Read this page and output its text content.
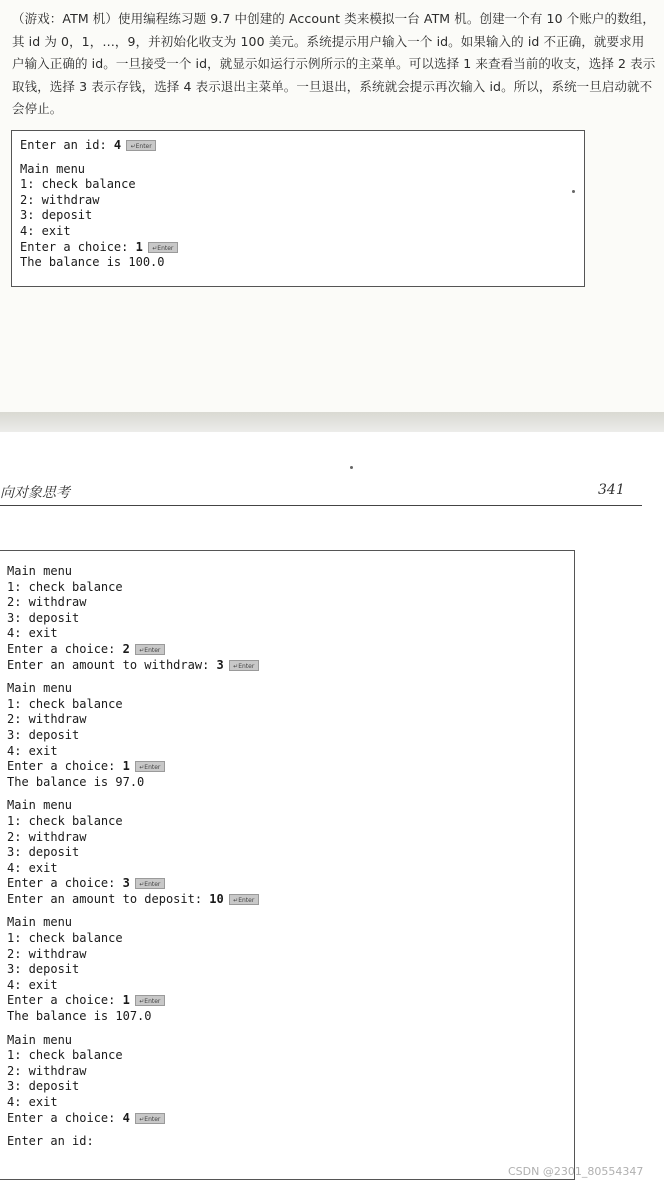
（游戏：ATM 机）使用编程练习题 9.7 中创建的 Account 类来模拟一台 ATM 机。创建一个有 10 个账户的数组，其 id 为 0，1，…，9，并初始化收支为 100 美元。系统提示用户输入一个 id。如果输入的 id 不正确，就要求用户输入正确的 id。一旦接受一个 id，就显示如运行示例所示的主菜单。可以选择 1 来查看当前的收支，选择 2 表示取钱，选择 3 表示存钱，选择 4 表示退出主菜单。一旦退出，系统就会提示再次输入 id。所以，系统一旦启动就不会停止。
Enter an id: 4 ↵Enter
Main menu
1: check balance
2: withdraw
3: deposit
4: exit
Enter a choice: 1 ↵Enter
The balance is 100.0
向对象思考	341
Main menu
1: check balance
2: withdraw
3: deposit
4: exit
Enter a choice: 2 ↵Enter
Enter an amount to withdraw: 3 ↵Enter
Main menu
1: check balance
2: withdraw
3: deposit
4: exit
Enter a choice: 1 ↵Enter
The balance is 97.0
Main menu
1: check balance
2: withdraw
3: deposit
4: exit
Enter a choice: 3 ↵Enter
Enter an amount to deposit: 10 ↵Enter
Main menu
1: check balance
2: withdraw
3: deposit
4: exit
Enter a choice: 1 ↵Enter
The balance is 107.0
Main menu
1: check balance
2: withdraw
3: deposit
4: exit
Enter a choice: 4 ↵Enter
Enter an id:
CSDN @2301_80554347
